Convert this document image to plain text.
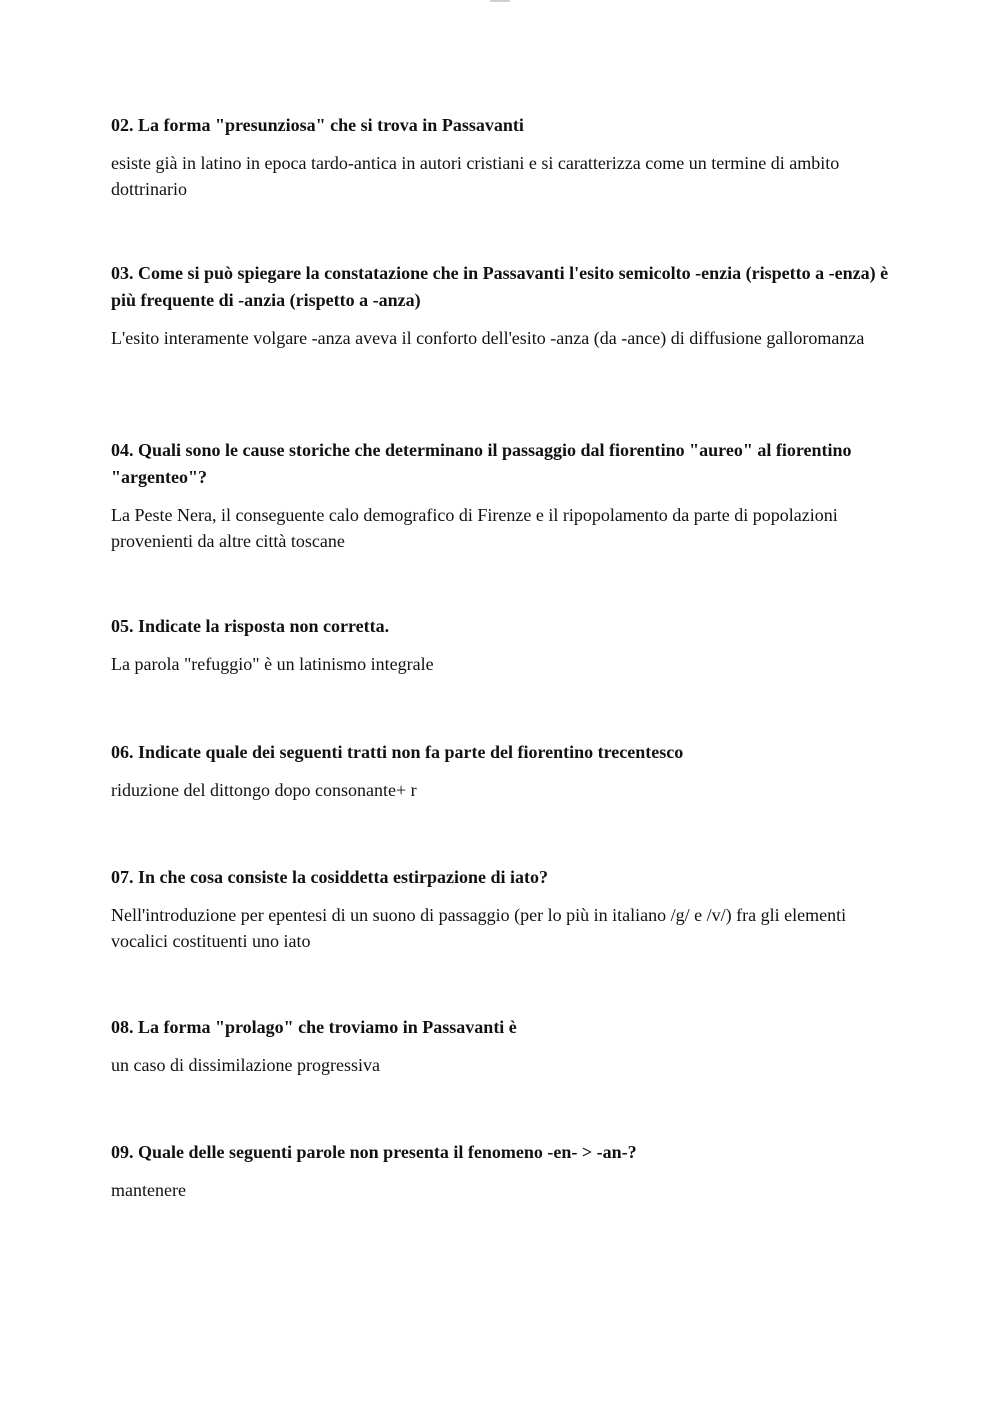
02. La forma "presunziosa" che si trova in Passavanti

esiste già in latino in epoca tardo-antica in autori cristiani e si caratterizza come un termine di ambito dottrinario

03. Come si può spiegare la constatazione che in Passavanti l'esito semicolto -enzia (rispetto a -enza) è più frequente di -anzia (rispetto a -anza)

L'esito interamente volgare -anza aveva il conforto dell'esito -anza (da -ance) di diffusione galloromanza

04. Quali sono le cause storiche che determinano il passaggio dal fiorentino "aureo" al fiorentino "argenteo"?

La Peste Nera, il conseguente calo demografico di Firenze e il ripopolamento da parte di popolazioni provenienti da altre città toscane

05. Indicate la risposta non corretta.

La parola "refuggio" è un latinismo integrale

06. Indicate quale dei seguenti tratti non fa parte del fiorentino trecentesco

riduzione del dittongo dopo consonante+ r

07. In che cosa consiste la cosiddetta estirpazione di iato?

Nell'introduzione per epentesi di un suono di passaggio (per lo più in italiano /g/ e /v/) fra gli elementi vocalici costituenti uno iato

08. La forma "prolago" che troviamo in Passavanti è

un caso di dissimilazione progressiva

09. Quale delle seguenti parole non presenta il fenomeno -en- > -an-?

mantenere
